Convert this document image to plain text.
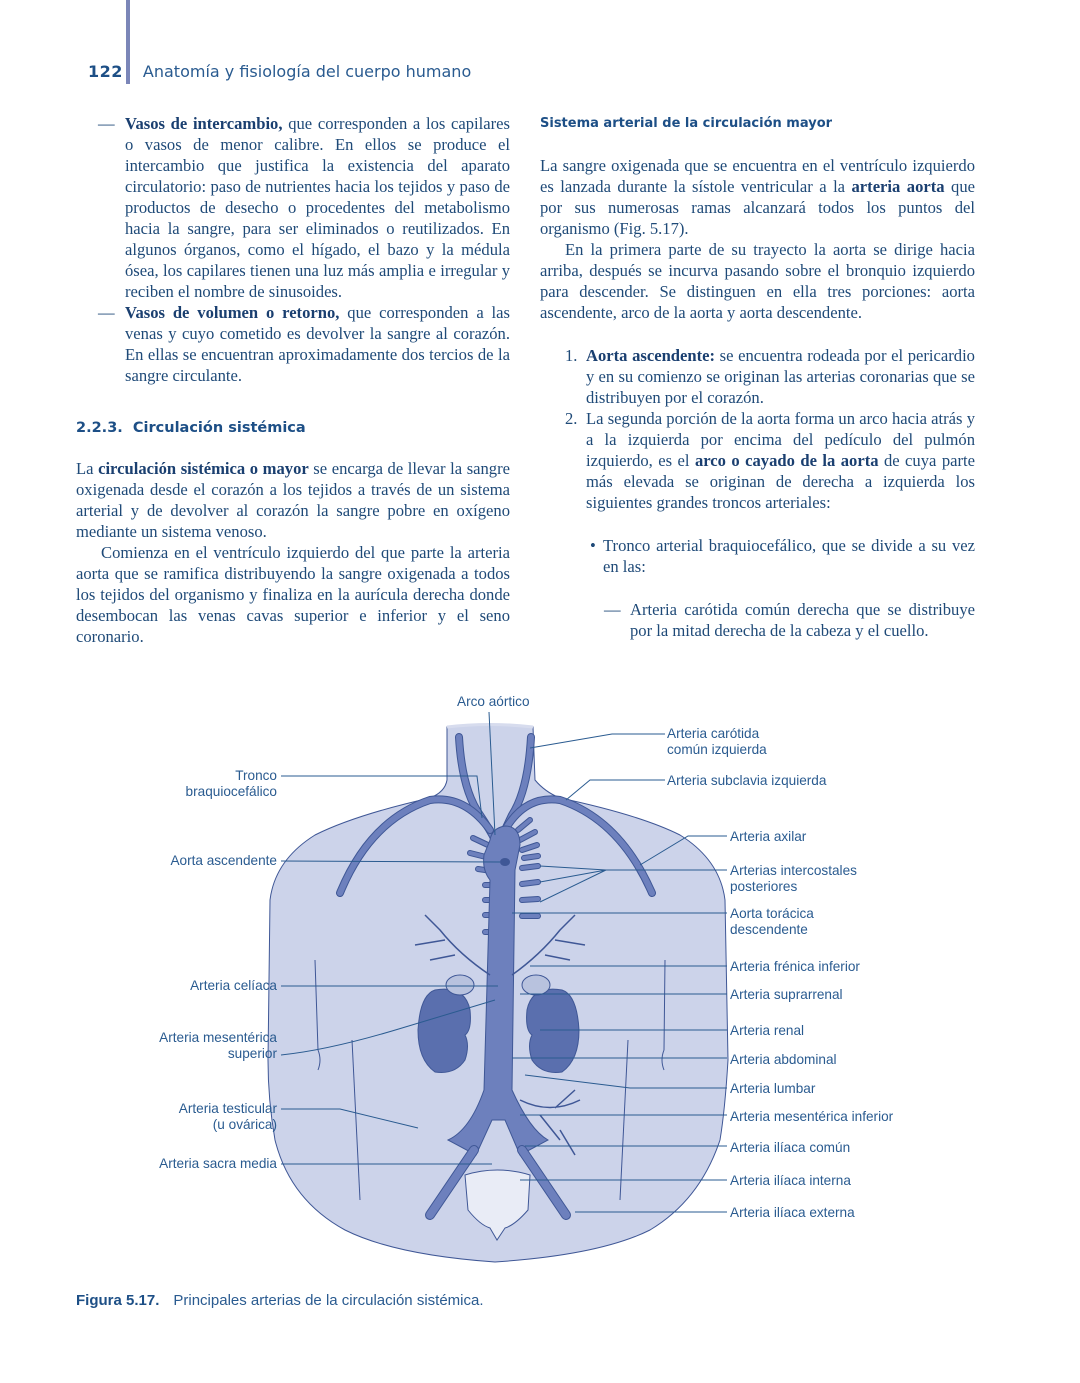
122 Anatomía y fisiología del cuerpo humano

— Vasos de intercambio, que corresponden a los capilares o vasos de menor calibre. En ellos se produce el intercambio que justifica la existencia del aparato circulatorio: paso de nutrientes hacia los tejidos y paso de productos de desecho o procedentes del metabolismo hacia la sangre, para ser eliminados o reutilizados. En algunos órganos, como el hígado, el bazo y la médula ósea, los capilares tienen una luz más amplia e irregular y reciben el nombre de sinusoides.

— Vasos de volumen o retorno, que corresponden a las venas y cuyo cometido es devolver la sangre al corazón. En ellas se encuentran aproximadamente dos tercios de la sangre circulante.

2.2.3.  Circulación sistémica

La circulación sistémica o mayor se encarga de llevar la sangre oxigenada desde el corazón a los tejidos a través de un sistema arterial y de devolver al corazón la sangre pobre en oxígeno mediante un sistema venoso.

Comienza en el ventrículo izquierdo del que parte la arteria aorta que se ramifica distribuyendo la sangre oxigenada a todos los tejidos del organismo y finaliza en la aurícula derecha donde desembocan las venas cavas superior e inferior y el seno coronario.

Sistema arterial de la circulación mayor

La sangre oxigenada que se encuentra en el ventrículo izquierdo es lanzada durante la sístole ventricular a la arteria aorta que por sus numerosas ramas alcanzará todos los puntos del organismo (Fig. 5.17).

En la primera parte de su trayecto la aorta se dirige hacia arriba, después se incurva pasando sobre el bronquio izquierdo para descender. Se distinguen en ella tres porciones: aorta ascendente, arco de la aorta y aorta descendente.

1. Aorta ascendente: se encuentra rodeada por el pericardio y en su comienzo se originan las arterias coronarias que se distribuyen por el corazón.

2. La segunda porción de la aorta forma un arco hacia atrás y a la izquierda por encima del pedículo del pulmón izquierdo, es el arco o cayado de la aorta de cuya parte más elevada se originan de derecha a izquierda los siguientes grandes troncos arteriales:

• Tronco arterial braquiocefálico, que se divide a su vez en las:

— Arteria carótida común derecha que se distribuye por la mitad derecha de la cabeza y el cuello.

Arco aórtico
Tronco
braquiocefálico
Aorta ascendente
Arteria celíaca
Arteria mesentérica
superior
Arteria testicular
(u ovárica)
Arteria sacra media
Arteria carótida
común izquierda
Arteria subclavia izquierda
Arteria axilar
Arterias intercostales
posteriores
Aorta torácica
descendente
Arteria frénica inferior
Arteria suprarrenal
Arteria renal
Arteria abdominal
Arteria lumbar
Arteria mesentérica inferior
Arteria ilíaca común
Arteria ilíaca interna
Arteria ilíaca externa
Figura 5.17. Principales arterias de la circulación sistémica.
